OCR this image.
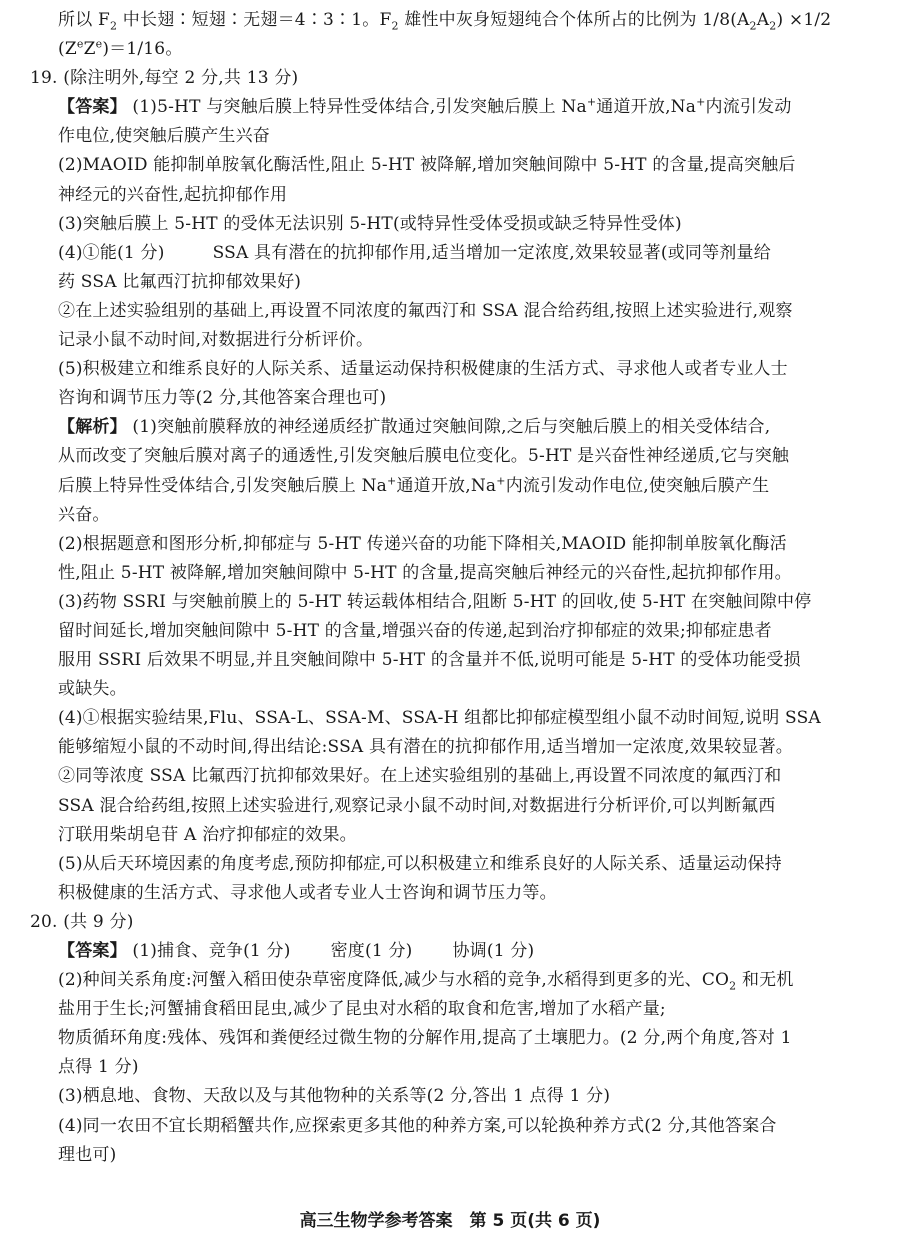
所以 $F_2$ 中长翅∶短翅∶无翅＝4∶3∶1。$F_2$ 雄性中灰身短翅纯合个体所占的比例为 $1/8(A_2A_2) \times 1/2$
$(Z^eZ^e)=1/16$。
19. (除注明外,每空 2 分,共 13 分)
【答案】 (1)5-HT 与突触后膜上特异性受体结合,引发突触后膜上 Na+通道开放,Na+内流引发动
作电位,使突触后膜产生兴奋
(2)MAOID 能抑制单胺氧化酶活性,阻止 5-HT 被降解,增加突触间隙中 5-HT 的含量,提高突触后
神经元的兴奋性,起抗抑郁作用
(3)突触后膜上 5-HT 的受体无法识别 5-HT(或特异性受体受损或缺乏特异性受体)
(4)①能(1 分)	SSA 具有潜在的抗抑郁作用,适当增加一定浓度,效果较显著(或同等剂量给
药 SSA 比氟西汀抗抑郁效果好)
②在上述实验组别的基础上,再设置不同浓度的氟西汀和 SSA 混合给药组,按照上述实验进行,观察
记录小鼠不动时间,对数据进行分析评价。
(5)积极建立和维系良好的人际关系、适量运动保持积极健康的生活方式、寻求他人或者专业人士
咨询和调节压力等(2 分,其他答案合理也可)
【解析】 (1)突触前膜释放的神经递质经扩散通过突触间隙,之后与突触后膜上的相关受体结合,
从而改变了突触后膜对离子的通透性,引发突触后膜电位变化。5-HT 是兴奋性神经递质,它与突触
后膜上特异性受体结合,引发突触后膜上 Na+通道开放,Na+内流引发动作电位,使突触后膜产生
兴奋。
(2)根据题意和图形分析,抑郁症与 5-HT 传递兴奋的功能下降相关,MAOID 能抑制单胺氧化酶活
性,阻止 5-HT 被降解,增加突触间隙中 5-HT 的含量,提高突触后神经元的兴奋性,起抗抑郁作用。
(3)药物 SSRI 与突触前膜上的 5-HT 转运载体相结合,阻断 5-HT 的回收,使 5-HT 在突触间隙中停
留时间延长,增加突触间隙中 5-HT 的含量,增强兴奋的传递,起到治疗抑郁症的效果;抑郁症患者
服用 SSRI 后效果不明显,并且突触间隙中 5-HT 的含量并不低,说明可能是 5-HT 的受体功能受损
或缺失。
(4)①根据实验结果,Flu、SSA-L、SSA-M、SSA-H 组都比抑郁症模型组小鼠不动时间短,说明 SSA
能够缩短小鼠的不动时间,得出结论:SSA 具有潜在的抗抑郁作用,适当增加一定浓度,效果较显著。
②同等浓度 SSA 比氟西汀抗抑郁效果好。在上述实验组别的基础上,再设置不同浓度的氟西汀和
SSA 混合给药组,按照上述实验进行,观察记录小鼠不动时间,对数据进行分析评价,可以判断氟西
汀联用柴胡皂苷 A 治疗抑郁症的效果。
(5)从后天环境因素的角度考虑,预防抑郁症,可以积极建立和维系良好的人际关系、适量运动保持
积极健康的生活方式、寻求他人或者专业人士咨询和调节压力等。
20. (共 9 分)
【答案】 (1)捕食、竞争(1 分) 密度(1 分) 协调(1 分)
(2)种间关系角度:河蟹入稻田使杂草密度降低,减少与水稻的竞争,水稻得到更多的光、$CO_2$ 和无机
盐用于生长;河蟹捕食稻田昆虫,减少了昆虫对水稻的取食和危害,增加了水稻产量;
物质循环角度:残体、残饵和粪便经过微生物的分解作用,提高了土壤肥力。(2 分,两个角度,答对 1
点得 1 分)
(3)栖息地、食物、天敌以及与其他物种的关系等(2 分,答出 1 点得 1 分)
(4)同一农田不宜长期稻蟹共作,应探索更多其他的种养方案,可以轮换种养方式(2 分,其他答案合
理也可)
高三生物学参考答案　第 5 页(共 6 页)
